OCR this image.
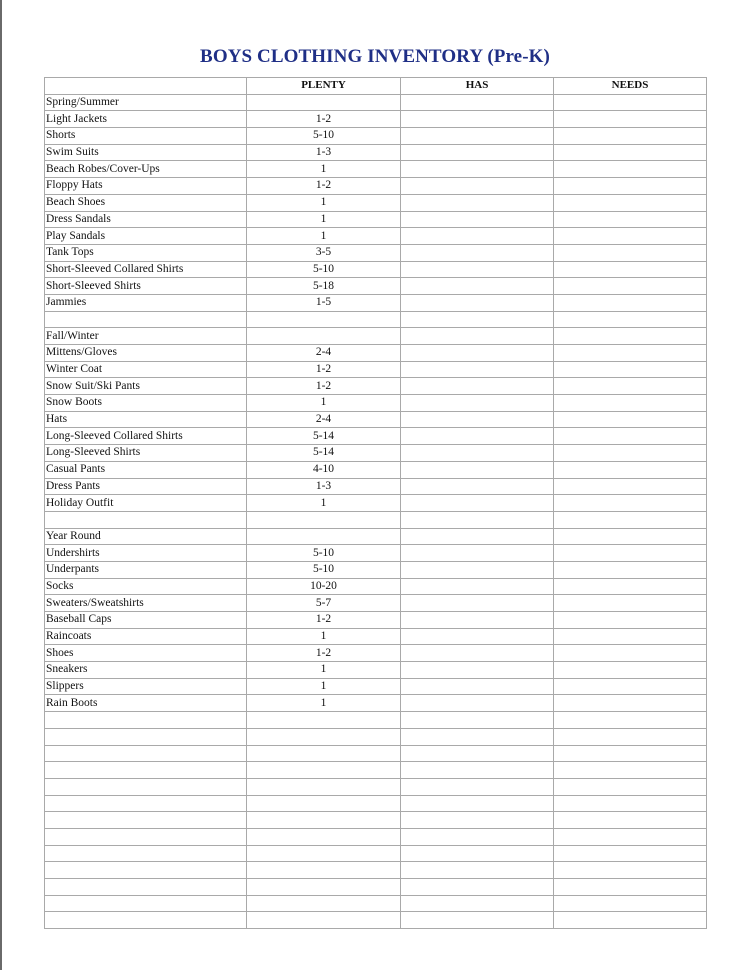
BOYS CLOTHING INVENTORY (Pre-K)
	PLENTY	HAS	NEEDS
Spring/Summer			
Light Jackets	1-2		
Shorts	5-10		
Swim Suits	1-3		
Beach Robes/Cover-Ups	1		
Floppy Hats	1-2		
Beach Shoes	1		
Dress Sandals	1		
Play Sandals	1		
Tank Tops	3-5		
Short-Sleeved Collared Shirts	5-10		
Short-Sleeved Shirts	5-18		
Jammies	1-5		

Fall/Winter			
Mittens/Gloves	2-4		
Winter Coat	1-2		
Snow Suit/Ski Pants	1-2		
Snow Boots	1		
Hats	2-4		
Long-Sleeved Collared Shirts	5-14		
Long-Sleeved Shirts	5-14		
Casual Pants	4-10		
Dress Pants	1-3		
Holiday Outfit	1		

Year Round			
Undershirts	5-10		
Underpants	5-10		
Socks	10-20		
Sweaters/Sweatshirts	5-7		
Baseball Caps	1-2		
Raincoats	1		
Shoes	1-2		
Sneakers	1		
Slippers	1		
Rain Boots	1		
